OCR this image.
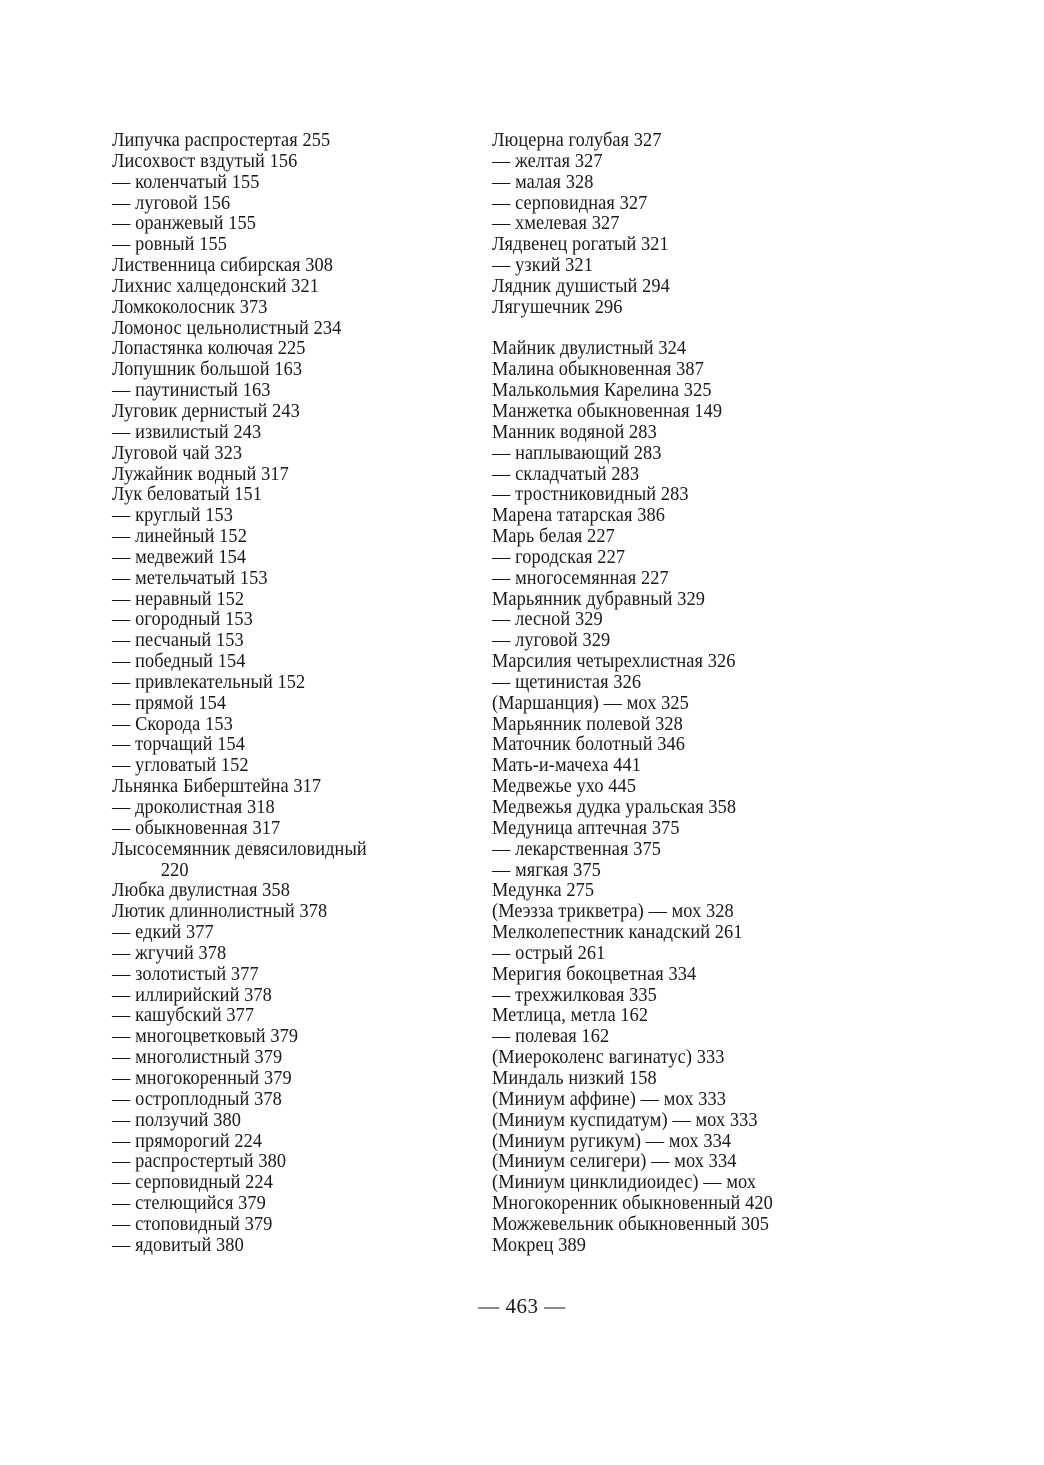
Липучка распростертая 255
Лисохвост вздутый 156
— коленчатый 155
— луговой 156
— оранжевый 155
— ровный 155
Лиственница сибирская 308
Лихнис халцедонский 321
Ломкоколосник 373
Ломонос цельнолистный 234
Лопастянка колючая 225
Лопушник большой 163
— паутинистый 163
Луговик дернистый 243
— извилистый 243
Луговой чай 323
Лужайник водный 317
Лук беловатый 151
— круглый 153
— линейный 152
— медвежий 154
— метельчатый 153
— неравный 152
— огородный 153
— песчаный 153
— победный 154
— привлекательный 152
— прямой 154
— Скорода 153
— торчащий 154
— угловатый 152
Льнянка Биберштейна 317
— дроколистная 318
— обыкновенная 317
Лысосемянник девясиловидный
220
Любка двулистная 358
Лютик длиннолистный 378
— едкий 377
— жгучий 378
— золотистый 377
— иллирийский 378
— кашубский 377
— многоцветковый 379
— многолистный 379
— многокоренный 379
— остроплодный 378
— ползучий 380
— пряморогий 224
— распростертый 380
— серповидный 224
— стелющийся 379
— стоповидный 379
— ядовитый 380
Люцерна голубая 327
— желтая 327
— малая 328
— серповидная 327
— хмелевая 327
Лядвенец рогатый 321
— узкий 321
Лядник душистый 294
Лягушечник 296
Майник двулистный 324
Малина обыкновенная 387
Малькольмия Карелина 325
Манжетка обыкновенная 149
Манник водяной 283
— наплывающий 283
— складчатый 283
— тростниковидный 283
Марена татарская 386
Марь белая 227
— городская 227
— многосемянная 227
Марьянник дубравный 329
— лесной 329
— луговой 329
Марсилия четырехлистная 326
— щетинистая 326
(Маршанция) — мох 325
Марьянник полевой 328
Маточник болотный 346
Мать-и-мачеха 441
Медвежье ухо 445
Медвежья дудка уральская 358
Медуница аптечная 375
— лекарственная 375
— мягкая 375
Медунка 275
(Меэзза триквeтра) — мох 328
Мелколепестник канадский 261
— острый 261
Меригия бокоцветная 334
— трехжилковая 335
Метлица, метла 162
— полевая 162
(Миероколенс вагинатус) 333
Миндаль низкий 158
(Миниум аффине) — мох 333
(Миниум куспидатум) — мох 333
(Миниум ругикум) — мох 334
(Миниум селигери) — мох 334
(Миниум цинклидиоидес) — мох
Многокоренник обыкновенный 420
Можжевельник обыкновенный 305
Мокрец 389
— 463 —
